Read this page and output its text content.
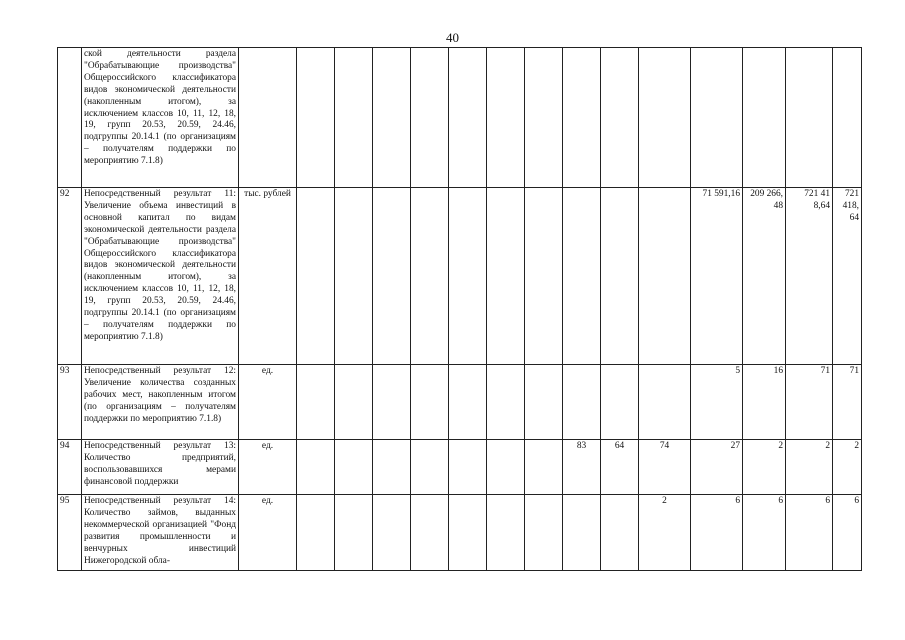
40
	ской деятельности раздела "Обрабатывающие производства" Общероссийского классификатора видов экономической деятельности (накопленным итогом), за исключением классов 10, 11, 12, 18, 19, групп 20.53, 20.59, 24.46, подгруппы 20.14.1 (по организациям – получателям поддержки по мероприятию 7.1.8)															
92	Непосредственный результат 11: Увеличение объема инвестиций в основной капитал по видам экономической деятельности раздела "Обрабатывающие производства" Общероссийского классификатора видов экономической деятельности (накопленным итогом), за исключением классов 10, 11, 12, 18, 19, групп 20.53, 20.59, 24.46, подгруппы 20.14.1 (по организациям – получателям поддержки по мероприятию 7.1.8)	тыс. рублей											71 591,16	209 266, 48	721 41 8,64	721 418, 64
93	Непосредственный результат 12: Увеличение количества созданных рабочих мест, накопленным итогом (по организациям – получателям поддержки по мероприятию 7.1.8)	ед.											5	16	71	71
94	Непосредственный результат 13: Количество предприятий, воспользовавшихся мерами финансовой поддержки	ед.								83	64	74	27	2	2	2
95	Непосредственный результат 14: Количество займов, выданных некоммерческой организацией "Фонд развития промышленности и венчурных инвестиций Нижегородской обла-	ед.										2	6	6	6	6
